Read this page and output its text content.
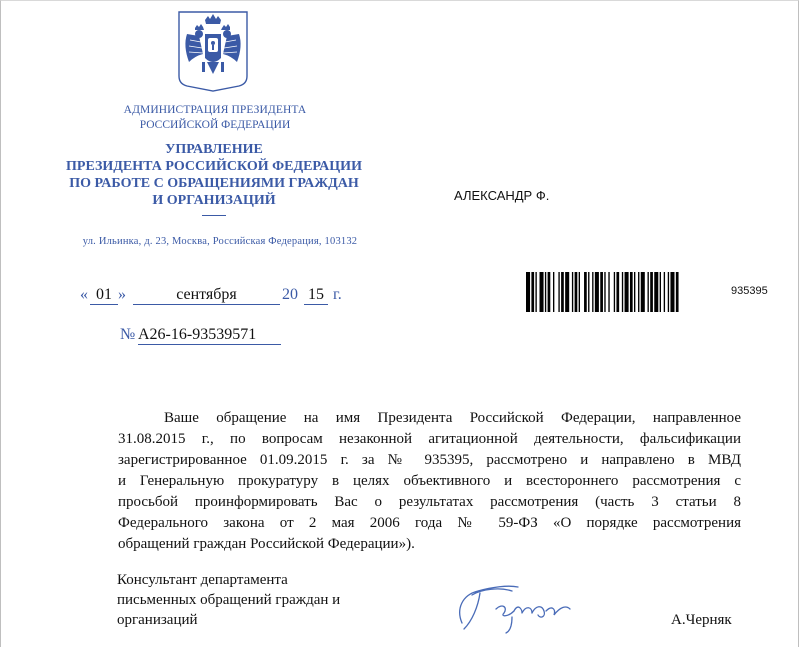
АДМИНИСТРАЦИЯ ПРЕЗИДЕНТА
РОССИЙСКОЙ ФЕДЕРАЦИИ
УПРАВЛЕНИЕ
ПРЕЗИДЕНТА РОССИЙСКОЙ ФЕДЕРАЦИИ
ПО РАБОТЕ С ОБРАЩЕНИЯМИ ГРАЖДАН
И ОРГАНИЗАЦИЙ
ул. Ильинка, д. 23, Москва, Российская Федерация, 103132
АЛЕКСАНДР Ф.
935395
« 01 »	сентября	20 15 г.
№ А26-16-93539571
Ваше обращение на имя Президента Российской Федерации, направленное
31.08.2015 г., по вопросам незаконной агитационной деятельности, фальсификации
зарегистрированное 01.09.2015 г. за № 935395, рассмотрено и направлено в МВД
и Генеральную прокуратуру в целях объективного и всестороннего рассмотрения с
просьбой проинформировать Вас о результатах рассмотрения (часть 3 статьи 8
Федерального закона от 2 мая 2006 года № 59-ФЗ «О порядке рассмотрения
обращений граждан Российской Федерации»).
Консультант департамента
письменных обращений граждан и
организаций	А.Черняк
